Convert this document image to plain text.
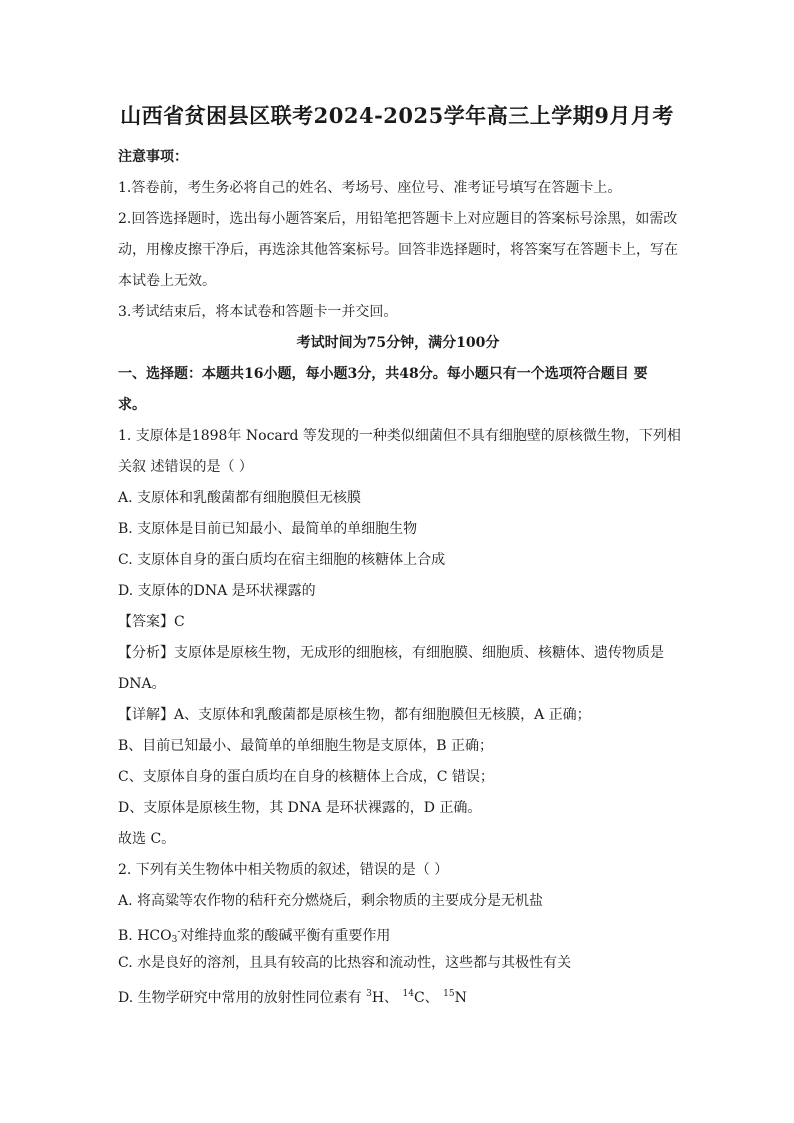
山西省贫困县区联考2024-2025学年高三上学期9月月考
注意事项：
1.答卷前，考生务必将自己的姓名、考场号、座位号、准考证号填写在答题卡上。
2.回答选择题时，选出每小题答案后，用铅笔把答题卡上对应题目的答案标号涂黑，如需改
动，用橡皮擦干净后，再选涂其他答案标号。回答非选择题时，将答案写在答题卡上，写在
本试卷上无效。
3.考试结束后，将本试卷和答题卡一并交回。
考试时间为75分钟，满分100分
一、选择题：本题共16小题，每小题3分，共48分。每小题只有一个选项符合题目 要
求。
1. 支原体是1898年 Nocard 等发现的一种类似细菌但不具有细胞壁的原核微生物，下列相
关叙 述错误的是（ ）
A. 支原体和乳酸菌都有细胞膜但无核膜
B. 支原体是目前已知最小、最简单的单细胞生物
C. 支原体自身的蛋白质均在宿主细胞的核糖体上合成
D. 支原体的DNA 是环状裸露的
【答案】C
【分析】支原体是原核生物，无成形的细胞核，有细胞膜、细胞质、核糖体、遗传物质是
DNA。
【详解】A、支原体和乳酸菌都是原核生物，都有细胞膜但无核膜，A 正确；
B、目前已知最小、最简单的单细胞生物是支原体，B 正确；
C、支原体自身的蛋白质均在自身的核糖体上合成，C 错误；
D、支原体是原核生物，其 DNA 是环状裸露的，D 正确。
故选 C。
2. 下列有关生物体中相关物质的叙述，错误的是（ ）
A. 将高粱等农作物的秸秆充分燃烧后，剩余物质的主要成分是无机盐
B. $HCO_3^-$对维持血浆的酸碱平衡有重要作用
C. 水是良好的溶剂，且具有较高的比热容和流动性，这些都与其极性有关
D. 生物学研究中常用的放射性同位素有 $^3$H、 $^{14}$C、 $^{15}$N
